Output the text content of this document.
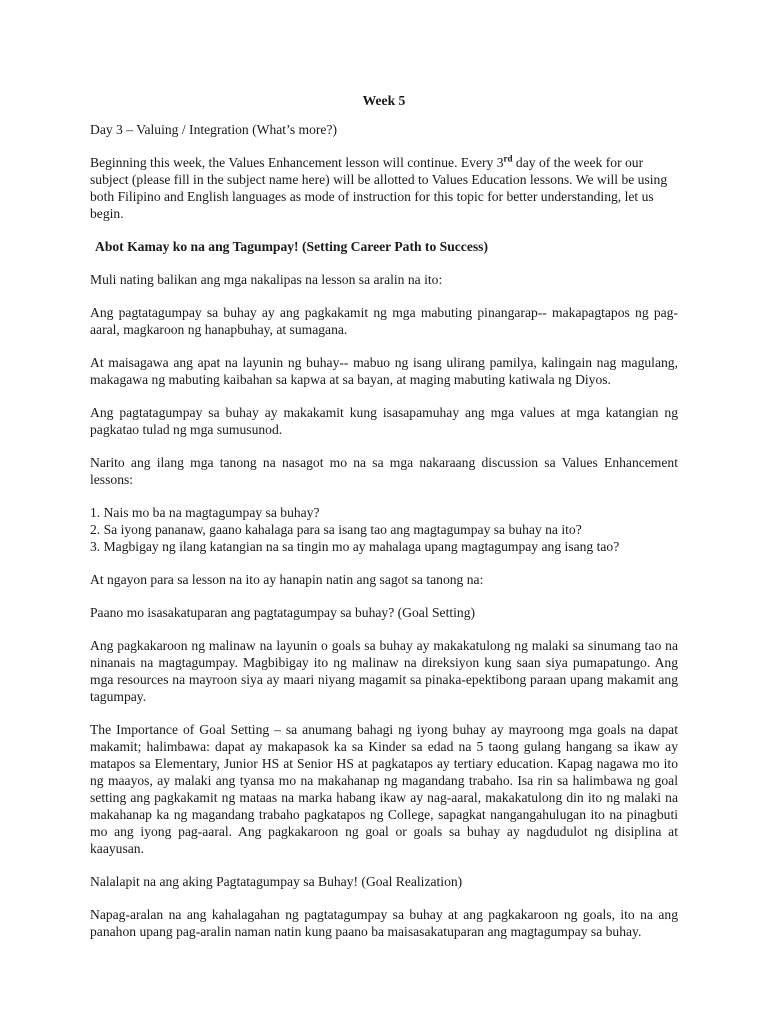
Week 5

Day 3 – Valuing / Integration (What’s more?)

Beginning this week, the Values Enhancement lesson will continue. Every 3rd day of the week for our subject (please fill in the subject name here) will be allotted to Values Education lessons. We will be using both Filipino and English languages as mode of instruction for this topic for better understanding, let us begin.

Abot Kamay ko na ang Tagumpay! (Setting Career Path to Success)

Muli nating balikan ang mga nakalipas na lesson sa aralin na ito:

Ang pagtatagumpay sa buhay ay ang pagkakamit ng mga mabuting pinangarap-- makapagtapos ng pag-aaral, magkaroon ng hanapbuhay, at sumagana.

At maisagawa ang apat na layunin ng buhay-- mabuo ng isang ulirang pamilya, kalingain nag magulang, makagawa ng mabuting kaibahan sa kapwa at sa bayan, at maging mabuting katiwala ng Diyos.

Ang pagtatagumpay sa buhay ay makakamit kung isasapamuhay ang mga values at mga katangian ng pagkatao tulad ng mga sumusunod.

Narito ang ilang mga tanong na nasagot mo na sa mga nakaraang discussion sa Values Enhancement lessons:

1. Nais mo ba na magtagumpay sa buhay?
2. Sa iyong pananaw, gaano kahalaga para sa isang tao ang magtagumpay sa buhay na ito?
3. Magbigay ng ilang katangian na sa tingin mo ay mahalaga upang magtagumpay ang isang tao?

At ngayon para sa lesson na ito ay hanapin natin ang sagot sa tanong na:

Paano mo isasakatuparan ang pagtatagumpay sa buhay? (Goal Setting)

Ang pagkakaroon ng malinaw na layunin o goals sa buhay ay makakatulong ng malaki sa sinumang tao na ninanais na magtagumpay. Magbibigay ito ng malinaw na direksiyon kung saan siya pumapatungo. Ang mga resources na mayroon siya ay maari niyang magamit sa pinaka-epektibong paraan upang makamit ang tagumpay.

The Importance of Goal Setting – sa anumang bahagi ng iyong buhay ay mayroong mga goals na dapat makamit; halimbawa: dapat ay makapasok ka sa Kinder sa edad na 5 taong gulang hangang sa ikaw ay matapos sa Elementary, Junior HS at Senior HS at pagkatapos ay tertiary education. Kapag nagawa mo ito ng maayos, ay malaki ang tyansa mo na makahanap ng magandang trabaho. Isa rin sa halimbawa ng goal setting ang pagkakamit ng mataas na marka habang ikaw ay nag-aaral, makakatulong din ito ng malaki na makahanap ka ng magandang trabaho pagkatapos ng College, sapagkat nangangahulugan ito na pinagbuti mo ang iyong pag-aaral. Ang pagkakaroon ng goal or goals sa buhay ay nagdudulot ng disiplina at kaayusan.

Nalalapit na ang aking Pagtatagumpay sa Buhay! (Goal Realization)

Napag-aralan na ang kahalagahan ng pagtatagumpay sa buhay at ang pagkakaroon ng goals, ito na ang panahon upang pag-aralin naman natin kung paano ba maisasakatuparan ang magtagumpay sa buhay.
